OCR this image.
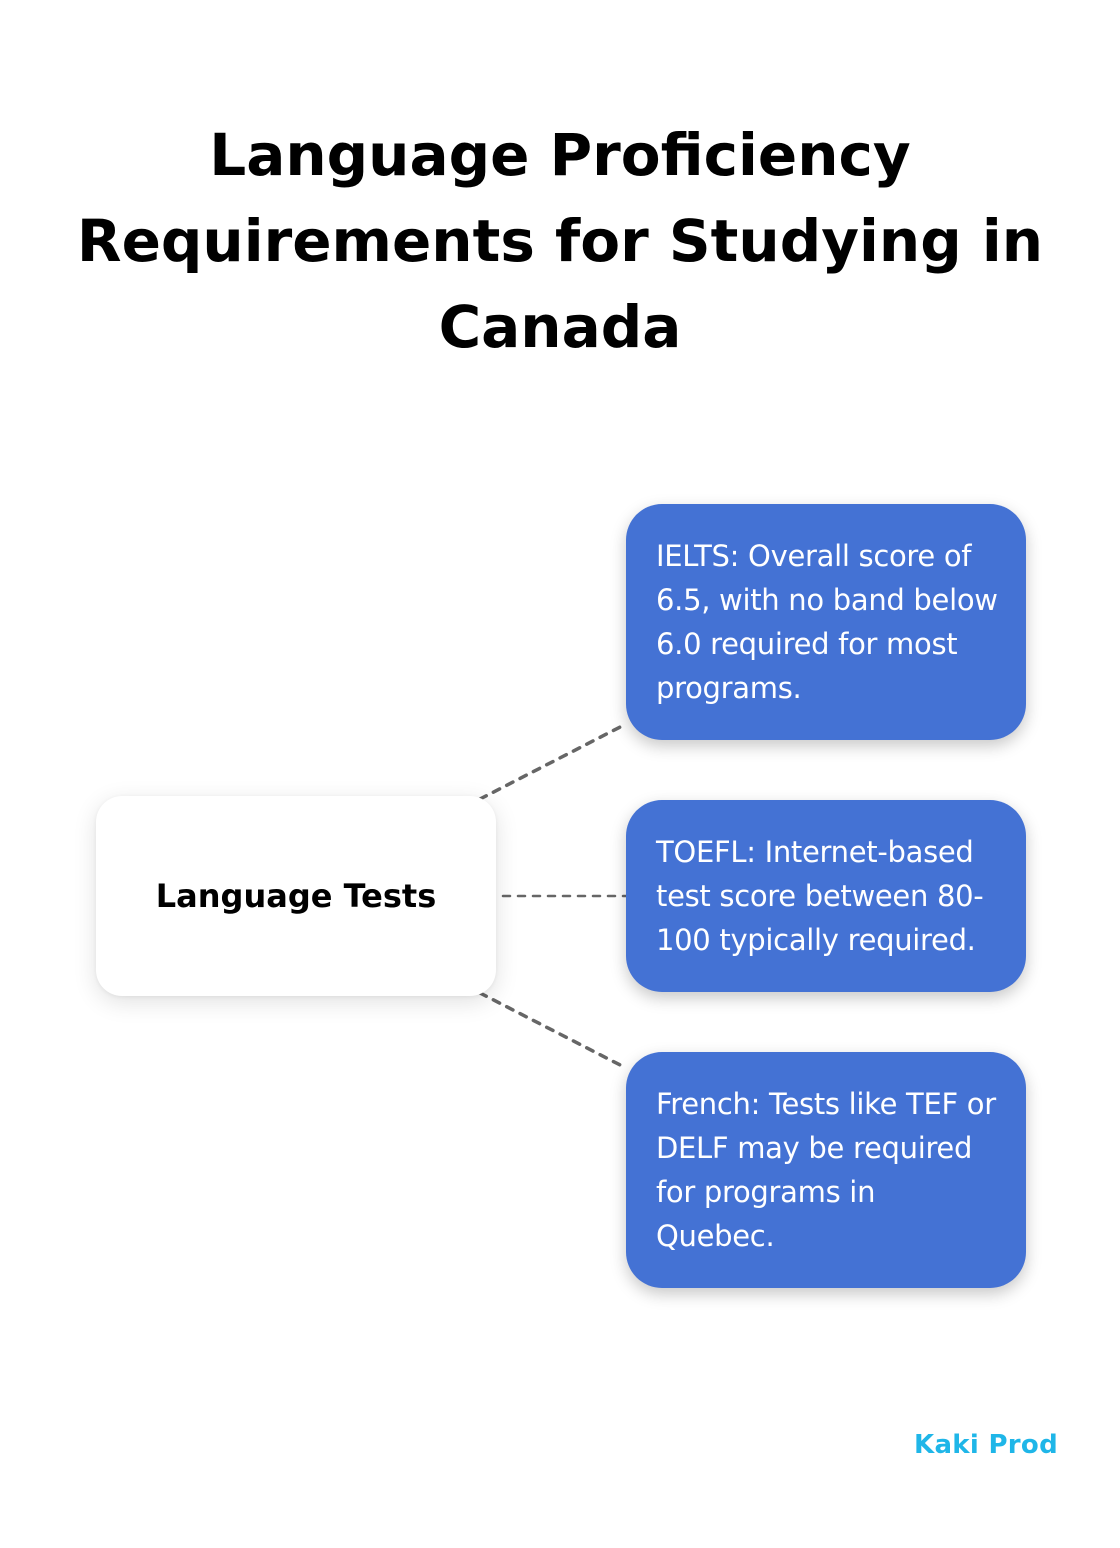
Language Proficiency Requirements for Studying in Canada
Language Tests
IELTS: Overall score of 6.5, with no band below 6.0 required for most programs.
TOEFL: Internet-based test score between 80-100 typically required.
French: Tests like TEF or DELF may be required for programs in Quebec.
Kaki Prod
